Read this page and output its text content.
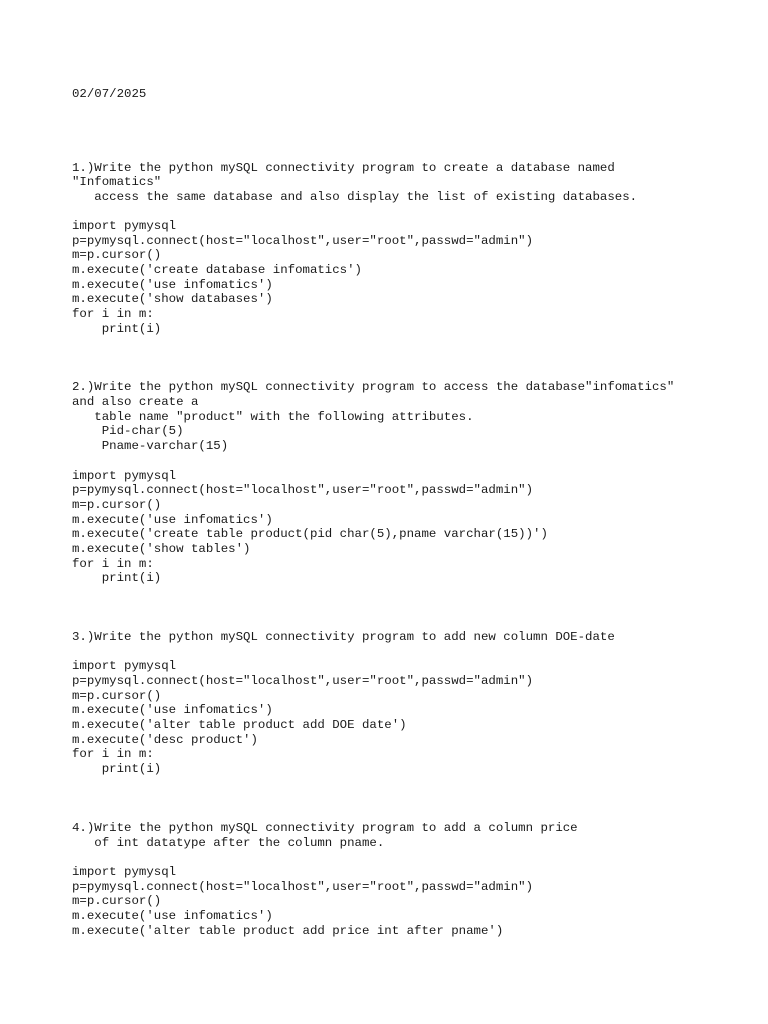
02/07/2025
1.)Write the python mySQL connectivity program to create a database named
"Infomatics"
access the same database and also display the list of existing databases.
import pymysql
p=pymysql.connect(host="localhost",user="root",passwd="admin")
m=p.cursor()
m.execute('create database infomatics')
m.execute('use infomatics')
m.execute('show databases')
for i in m:
print(i)
2.)Write the python mySQL connectivity program to access the database"infomatics"
and also create a
table name "product" with the following attributes.
Pid-char(5)
Pname-varchar(15)
import pymysql
p=pymysql.connect(host="localhost",user="root",passwd="admin")
m=p.cursor()
m.execute('use infomatics')
m.execute('create table product(pid char(5),pname varchar(15))')
m.execute('show tables')
for i in m:
print(i)
3.)Write the python mySQL connectivity program to add new column DOE-date
import pymysql
p=pymysql.connect(host="localhost",user="root",passwd="admin")
m=p.cursor()
m.execute('use infomatics')
m.execute('alter table product add DOE date')
m.execute('desc product')
for i in m:
print(i)
4.)Write the python mySQL connectivity program to add a column price
of int datatype after the column pname.
import pymysql
p=pymysql.connect(host="localhost",user="root",passwd="admin")
m=p.cursor()
m.execute('use infomatics')
m.execute('alter table product add price int after pname')
